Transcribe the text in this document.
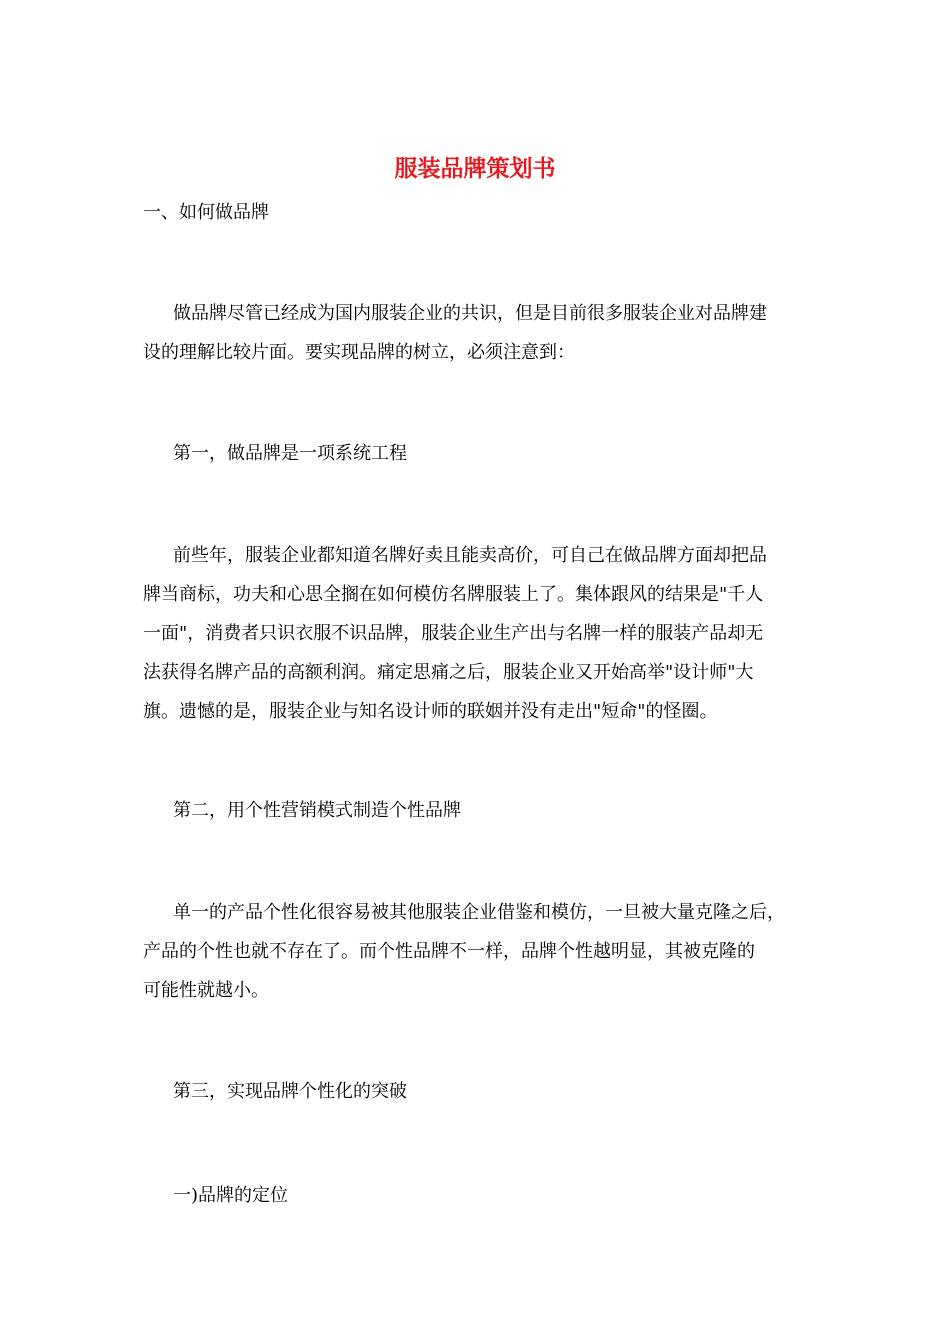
服装品牌策划书

一、如何做品牌

做品牌尽管已经成为国内服装企业的共识，但是目前很多服装企业对品牌建

设的理解比较片面。要实现品牌的树立，必须注意到：

第一，做品牌是一项系统工程

前些年，服装企业都知道名牌好卖且能卖高价，可自己在做品牌方面却把品

牌当商标，功夫和心思全搁在如何模仿名牌服装上了。集体跟风的结果是"千人

一面"，消费者只识衣服不识品牌，服装企业生产出与名牌一样的服装产品却无

法获得名牌产品的高额利润。痛定思痛之后，服装企业又开始高举"设计师"大

旗。遗憾的是，服装企业与知名设计师的联姻并没有走出"短命"的怪圈。

第二，用个性营销模式制造个性品牌

单一的产品个性化很容易被其他服装企业借鉴和模仿，一旦被大量克隆之后，

产品的个性也就不存在了。而个性品牌不一样，品牌个性越明显，其被克隆的

可能性就越小。

第三，实现品牌个性化的突破

一)品牌的定位
